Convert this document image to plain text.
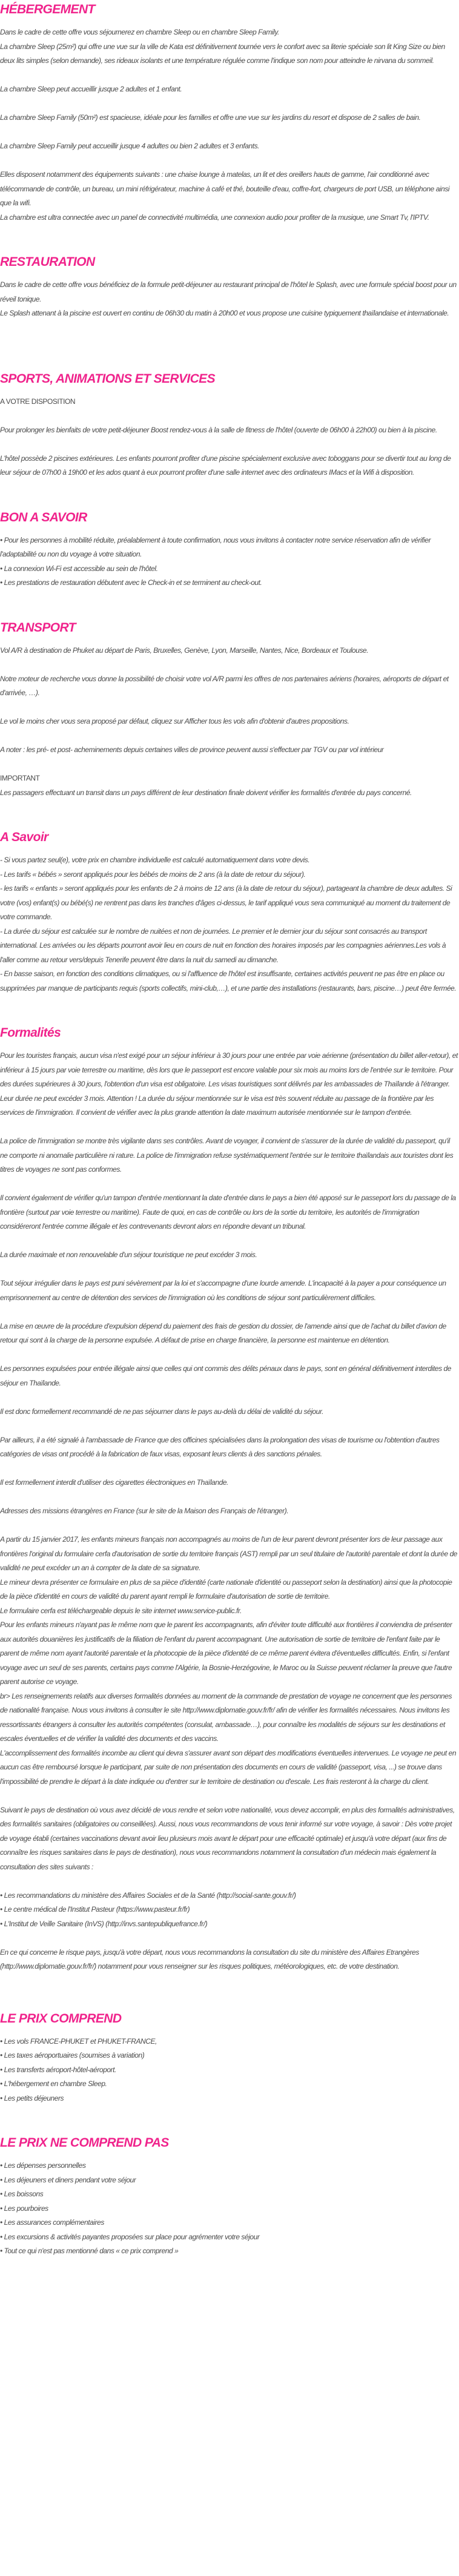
HÉBERGEMENT

Dans le cadre de cette offre vous séjournerez en chambre Sleep ou en chambre Sleep Family.

La chambre Sleep (25m²) qui offre une vue sur la ville de Kata est définitivement tournée vers le confort avec sa literie spéciale son lit King Size ou bien deux lits simples (selon demande), ses rideaux isolants et une température régulée comme l'indique son nom pour atteindre le nirvana du sommeil.

La chambre Sleep peut accueillir jusque 2 adultes et 1 enfant.

La chambre Sleep Family (50m²) est spacieuse, idéale pour les familles et offre une vue sur les jardins du resort et dispose de 2 salles de bain.

La chambre Sleep Family peut accueillir jusque 4 adultes ou bien 2 adultes et 3 enfants.

Elles disposent notamment des équipements suivants : une chaise lounge à matelas, un lit et des oreillers hauts de gamme, l'air conditionné avec télécommande de contrôle, un bureau, un mini réfrigérateur, machine à café et thé, bouteille d'eau, coffre-fort, chargeurs de port USB, un téléphone ainsi que la wifi.

La chambre est ultra connectée avec un panel de connectivité multimédia, une connexion audio pour profiter de la musique, une Smart Tv, l'IPTV.

RESTAURATION

Dans le cadre de cette offre vous bénéficiez de la formule petit-déjeuner au restaurant principal de l'hôtel le Splash, avec une formule spécial boost pour un réveil tonique.

Le Splash attenant à la piscine est ouvert en continu de 06h30 du matin à 20h00 et vous propose une cuisine typiquement thaïlandaise et internationale.

SPORTS, ANIMATIONS ET SERVICES

A VOTRE DISPOSITION

Pour prolonger les bienfaits de votre petit-déjeuner Boost rendez-vous à la salle de fitness de l'hôtel (ouverte de 06h00 à 22h00) ou bien à la piscine.

L'hôtel possède 2 piscines extérieures. Les enfants pourront profiter d'une piscine spécialement exclusive avec toboggans pour se divertir tout au long de leur séjour de 07h00 à 19h00 et les ados quant à eux pourront profiter d'une salle internet avec des ordinateurs IMacs et la Wifi à disposition.

BON A SAVOIR

• Pour les personnes à mobilité réduite, préalablement à toute confirmation, nous vous invitons à contacter notre service réservation afin de vérifier l'adaptabilité ou non du voyage à votre situation.

• La connexion Wi-Fi est accessible au sein de l'hôtel.

• Les prestations de restauration débutent avec le Check-in et se terminent au check-out.

TRANSPORT

Vol A/R à destination de Phuket au départ de Paris, Bruxelles, Genève, Lyon, Marseille, Nantes, Nice, Bordeaux et Toulouse.

Notre moteur de recherche vous donne la possibilité de choisir votre vol A/R parmi les offres de nos partenaires aériens (horaires, aéroports de départ et d'arrivée, …).

Le vol le moins cher vous sera proposé par défaut, cliquez sur Afficher tous les vols afin d'obtenir d'autres propositions.

A noter : les pré- et post- acheminements depuis certaines villes de province peuvent aussi s'effectuer par TGV ou par vol intérieur

IMPORTANT

Les passagers effectuant un transit dans un pays différent de leur destination finale doivent vérifier les formalités d'entrée du pays concerné.

A Savoir

- Si vous partez seul(e), votre prix en chambre individuelle est calculé automatiquement dans votre devis.

- Les tarifs « bébés » seront appliqués pour les bébés de moins de 2 ans (à la date de retour du séjour).

- les tarifs « enfants » seront appliqués pour les enfants de 2 à moins de 12 ans (à la date de retour du séjour), partageant la chambre de deux adultes. Si votre (vos) enfant(s) ou bébé(s) ne rentrent pas dans les tranches d'âges ci-dessus, le tarif appliqué vous sera communiqué au moment du traitement de votre commande.

- La durée du séjour est calculée sur le nombre de nuitées et non de journées. Le premier et le dernier jour du séjour sont consacrés au transport international. Les arrivées ou les départs pourront avoir lieu en cours de nuit en fonction des horaires imposés par les compagnies aériennes.Les vols à l'aller comme au retour vers/depuis Tenerife peuvent être dans la nuit du samedi au dimanche.

- En basse saison, en fonction des conditions climatiques, ou si l'affluence de l'hôtel est insuffisante, certaines activités peuvent ne pas être en place ou supprimées par manque de participants requis (sports collectifs, mini-club,…), et une partie des installations (restaurants, bars, piscine…) peut être fermée.

Formalités

Pour les touristes français, aucun visa n'est exigé pour un séjour inférieur à 30 jours pour une entrée par voie aérienne (présentation du billet aller-retour), et inférieur à 15 jours par voie terrestre ou maritime, dès lors que le passeport est encore valable pour six mois au moins lors de l'entrée sur le territoire. Pour des durées supérieures à 30 jours, l'obtention d'un visa est obligatoire. Les visas touristiques sont délivrés par les ambassades de Thaïlande à l'étranger. Leur durée ne peut excéder 3 mois. Attention ! La durée du séjour mentionnée sur le visa est très souvent réduite au passage de la frontière par les services de l'immigration. Il convient de vérifier avec la plus grande attention la date maximum autorisée mentionnée sur le tampon d'entrée.

La police de l'immigration se montre très vigilante dans ses contrôles. Avant de voyager, il convient de s'assurer de la durée de validité du passeport, qu'il ne comporte ni anomalie particulière ni rature. La police de l'immigration refuse systématiquement l'entrée sur le territoire thaïlandais aux touristes dont les titres de voyages ne sont pas conformes.

Il convient également de vérifier qu'un tampon d'entrée mentionnant la date d'entrée dans le pays a bien été apposé sur le passeport lors du passage de la frontière (surtout par voie terrestre ou maritime). Faute de quoi, en cas de contrôle ou lors de la sortie du territoire, les autorités de l'immigration considéreront l'entrée comme illégale et les contrevenants devront alors en répondre devant un tribunal.

La durée maximale et non renouvelable d'un séjour touristique ne peut excéder 3 mois.

Tout séjour irrégulier dans le pays est puni sévèrement par la loi et s'accompagne d'une lourde amende. L'incapacité à la payer a pour conséquence un emprisonnement au centre de détention des services de l'immigration où les conditions de séjour sont particulièrement difficiles.

La mise en œuvre de la procédure d'expulsion dépend du paiement des frais de gestion du dossier, de l'amende ainsi que de l'achat du billet d'avion de retour qui sont à la charge de la personne expulsée. A défaut de prise en charge financière, la personne est maintenue en détention.

Les personnes expulsées pour entrée illégale ainsi que celles qui ont commis des délits pénaux dans le pays, sont en général définitivement interdites de séjour en Thaïlande.

Il est donc formellement recommandé de ne pas séjourner dans le pays au-delà du délai de validité du séjour.

Par ailleurs, il a été signalé à l'ambassade de France que des officines spécialisées dans la prolongation des visas de tourisme ou l'obtention d'autres catégories de visas ont procédé à la fabrication de faux visas, exposant leurs clients à des sanctions pénales.

Il est formellement interdit d'utiliser des cigarettes électroniques en Thaïlande.

Adresses des missions étrangères en France (sur le site de la Maison des Français de l'étranger).

A partir du 15 janvier 2017, les enfants mineurs français non accompagnés au moins de l'un de leur parent devront présenter lors de leur passage aux frontières l'original du formulaire cerfa d'autorisation de sortie du territoire français (AST) rempli par un seul titulaire de l'autorité parentale et dont la durée de validité ne peut excéder un an à compter de la date de sa signature.

Le mineur devra présenter ce formulaire en plus de sa pièce d'identité (carte nationale d'identité ou passeport selon la destination) ainsi que la photocopie de la pièce d'identité en cours de validité du parent ayant rempli le formulaire d'autorisation de sortie de territoire.

Le formulaire cerfa est téléchargeable depuis le site internet www.service-public.fr.

Pour les enfants mineurs n'ayant pas le même nom que le parent les accompagnants, afin d'éviter toute difficulté aux frontières il conviendra de présenter aux autorités douanières les justificatifs de la filiation de l'enfant du parent accompagnant. Une autorisation de sortie de territoire de l'enfant faite par le parent de même nom ayant l'autorité parentale et la photocopie de la pièce d'identité de ce même parent évitera d'éventuelles difficultés. Enfin, si l'enfant voyage avec un seul de ses parents, certains pays comme l'Algérie, la Bosnie-Herzégovine, le Maroc ou la Suisse peuvent réclamer la preuve que l'autre parent autorise ce voyage.

br> Les renseignements relatifs aux diverses formalités données au moment de la commande de prestation de voyage ne concernent que les personnes de nationalité française. Nous vous invitons à consulter le site http://www.diplomatie.gouv.fr/fr/ afin de vérifier les formalités nécessaires. Nous invitons les ressortissants étrangers à consulter les autorités compétentes (consulat, ambassade…), pour connaître les modalités de séjours sur les destinations et escales éventuelles et de vérifier la validité des documents et des vaccins.

L'accomplissement des formalités incombe au client qui devra s'assurer avant son départ des modifications éventuelles intervenues. Le voyage ne peut en aucun cas être remboursé lorsque le participant, par suite de non présentation des documents en cours de validité (passeport, visa, ...) se trouve dans l'impossibilité de prendre le départ à la date indiquée ou d'entrer sur le territoire de destination ou d'escale. Les frais resteront à la charge du client.

Suivant le pays de destination où vous avez décidé de vous rendre et selon votre nationalité, vous devez accomplir, en plus des formalités administratives, des formalités sanitaires (obligatoires ou conseillées). Aussi, nous vous recommandons de vous tenir informé sur votre voyage, à savoir : Dès votre projet de voyage établi (certaines vaccinations devant avoir lieu plusieurs mois avant le départ pour une efficacité optimale) et jusqu'à votre départ (aux fins de connaître les risques sanitaires dans le pays de destination), nous vous recommandons notamment la consultation d'un médecin mais également la consultation des sites suivants :

• Les recommandations du ministère des Affaires Sociales et de la Santé (http://social-sante.gouv.fr/)

• Le centre médical de l'Institut Pasteur (https://www.pasteur.fr/fr)

• L'Institut de Veille Sanitaire (InVS) (http://invs.santepubliquefrance.fr/)

En ce qui concerne le risque pays, jusqu'à votre départ, nous vous recommandons la consultation du site du ministère des Affaires Etrangères (http://www.diplomatie.gouv.fr/fr/) notamment pour vous renseigner sur les risques politiques, météorologiques, etc. de votre destination.

LE PRIX COMPREND

• Les vols FRANCE-PHUKET et PHUKET-FRANCE,

• Les taxes aéroportuaires (soumises à variation)

• Les transferts aéroport-hôtel-aéroport.

• L'hébergement en chambre Sleep.

• Les petits déjeuners

LE PRIX NE COMPREND PAS

• Les dépenses personnelles

• Les déjeuners et diners pendant votre séjour

• Les boissons

• Les pourboires

• Les assurances complémentaires

• Les excursions & activités payantes proposées sur place pour agrémenter votre séjour

• Tout ce qui n'est pas mentionné dans « ce prix comprend »
